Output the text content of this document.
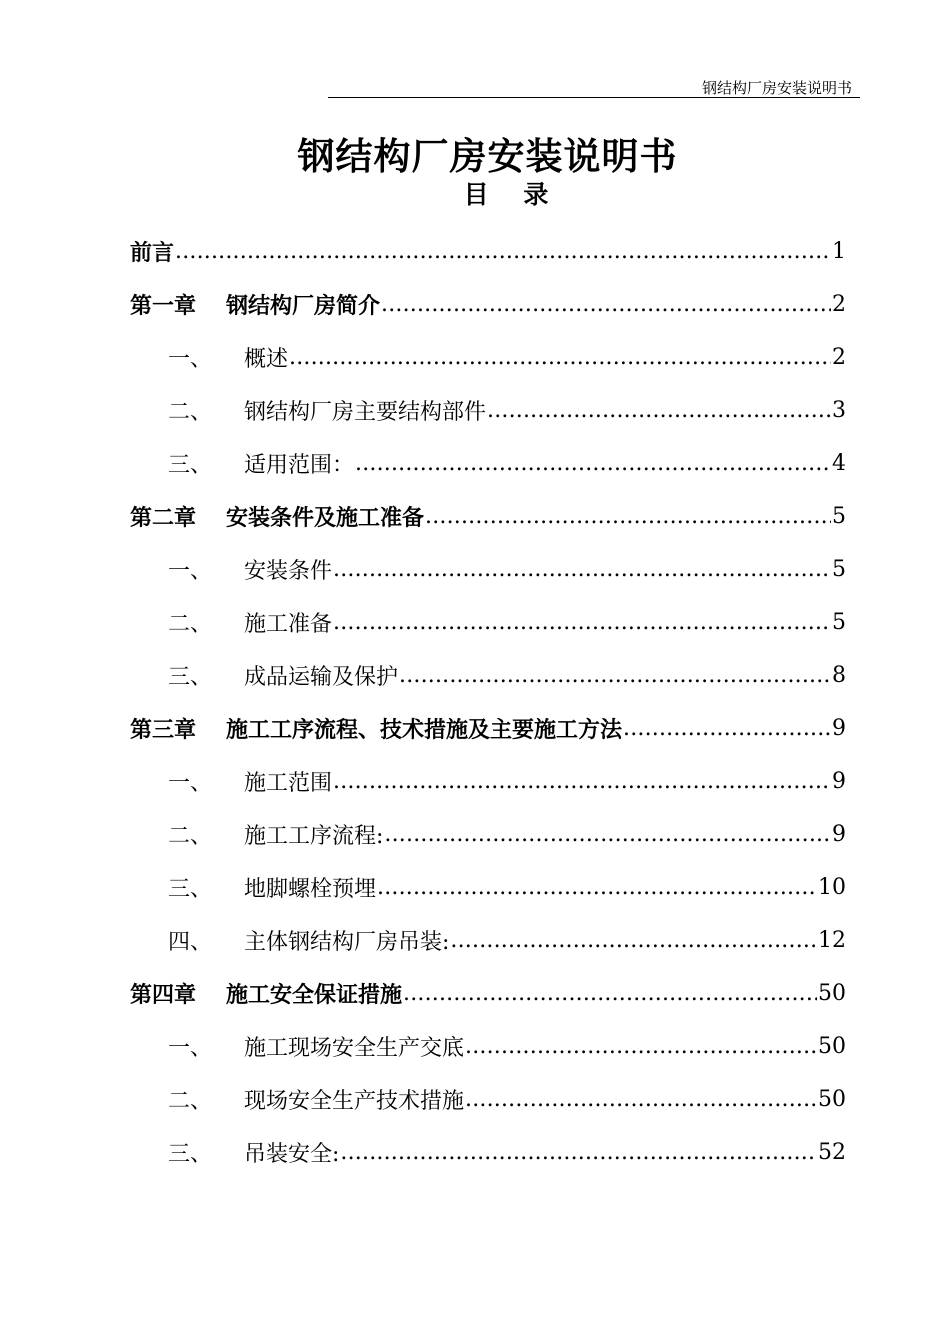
钢结构厂房安装说明书
钢结构厂房安装说明书
目    录
前言 .....	1
第一章 钢结构厂房简介 .....	2
一、 概述 .....	2
二、 钢结构厂房主要结构部件 .....	3
三、 适用范围： .....	4
第二章 安装条件及施工准备 .....	5
一、 安装条件 .....	5
二、 施工准备 .....	5
三、 成品运输及保护 .....	8
第三章 施工工序流程、技术措施及主要施工方法 .....	9
一、 施工范围 .....	9
二、 施工工序流程: .....	9
三、 地脚螺栓预埋 .....	10
四、 主体钢结构厂房吊装: .....	12
第四章 施工安全保证措施 .....	50
一、 施工现场安全生产交底 .....	50
二、 现场安全生产技术措施 .....	50
三、 吊装安全: .....	52
